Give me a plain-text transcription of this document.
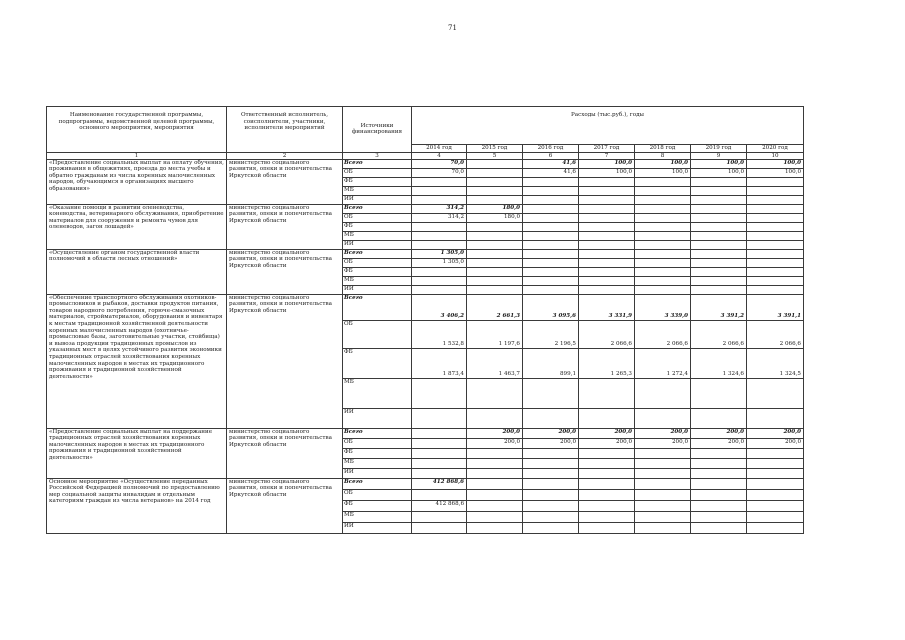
71
Наименование государственной программы, подпрограммы, ведомственной целевой программы, основного мероприятия, мероприятия	Ответственный исполнитель, соисполнители, участники, исполнители мероприятий	Источники финансирования	Расходы (тыс.руб.), годы						
			2014 год	2015 год	2016 год	2017 год	2018 год	2019 год	2020 год
1	2	3	4	5	6	7	8	9	10
«Предоставление социальных выплат на оплату обучения, проживания в общежитиях, проезда до места учебы и обратно гражданам из числа коренных малочисленных народов, обучающимся в организациях высшего образования»	министерство социального развития, опеки и попечительства Иркутской области	Всего	70,0		41,6	100,0	100,0	100,0	100,0
		ОБ	70,0		41,6	100,0	100,0	100,0	100,0
		ФБ							
		МБ							
		ИИ							
«Оказание помощи в развитии оленеводства, коневодства, ветеринарного обслуживания, приобретение материалов для сооружения и ремонта чумов для оленеводов, загон лошадей»	министерство социального развития, опеки и попечительства Иркутской области	Всего	314,2	180,0					
		ОБ	314,2	180,0					
		ФБ							
		МБ							
		ИИ							
«Осуществление органом государственной власти полномочий в области лесных отношений»	министерство социального развития, опеки и попечительства Иркутской области	Всего	1 305,0						
		ОБ	1 305,0						
		ФБ							
		МБ							
		ИИ							
«Обеспечение транспортного обслуживания охотников-промысловиков и рыбаков, доставки продуктов питания, товаров народного потребления, горюче-смазочных материалов, стройматериалов, оборудования и инвентаря к местам традиционной хозяйственной деятельности коренных малочисленных народов (охотничье-промысловые базы, заготовительные участки, стойбища) и вывоза продукции традиционных промыслов из указанных мест в целях устойчивого развития экономики традиционных отраслей хозяйствования коренных малочисленных народов в местах их традиционного проживания и традиционной хозяйственной деятельности»	министерство социального развития, опеки и попечительства Иркутской области	Всего	3 406,2	2 661,3	3 095,6	3 331,9	3 339,0	3 391,2	3 391,1
		ОБ	1 532,8	1 197,6	2 196,5	2 066,6	2 066,6	2 066,6	2 066,6
		ФБ	1 873,4	1 463,7	899,1	1 265,3	1 272,4	1 324,6	1 324,5
		МБ							
		ИИ							
«Предоставление социальных выплат на поддержание традиционных отраслей хозяйствования коренных малочисленных народов в местах их традиционного проживания и традиционной хозяйственной деятельности»	министерство социального развития, опеки и попечительства Иркутской области	Всего		200,0	200,0	200,0	200,0	200,0	200,0
		ОБ		200,0	200,0	200,0	200,0	200,0	200,0
		ФБ							
		МБ							
		ИИ							
Основное мероприятие «Осуществление переданных Российской Федерацией полномочий по предоставлению мер социальной защиты инвалидам и отдельным категориям граждан из числа ветеранов» на 2014 год	министерство социального развития, опеки и попечительства Иркутской области	Всего	412 868,6						
		ОБ							
		ФБ	412 868,6						
		МБ							
		ИИ							
